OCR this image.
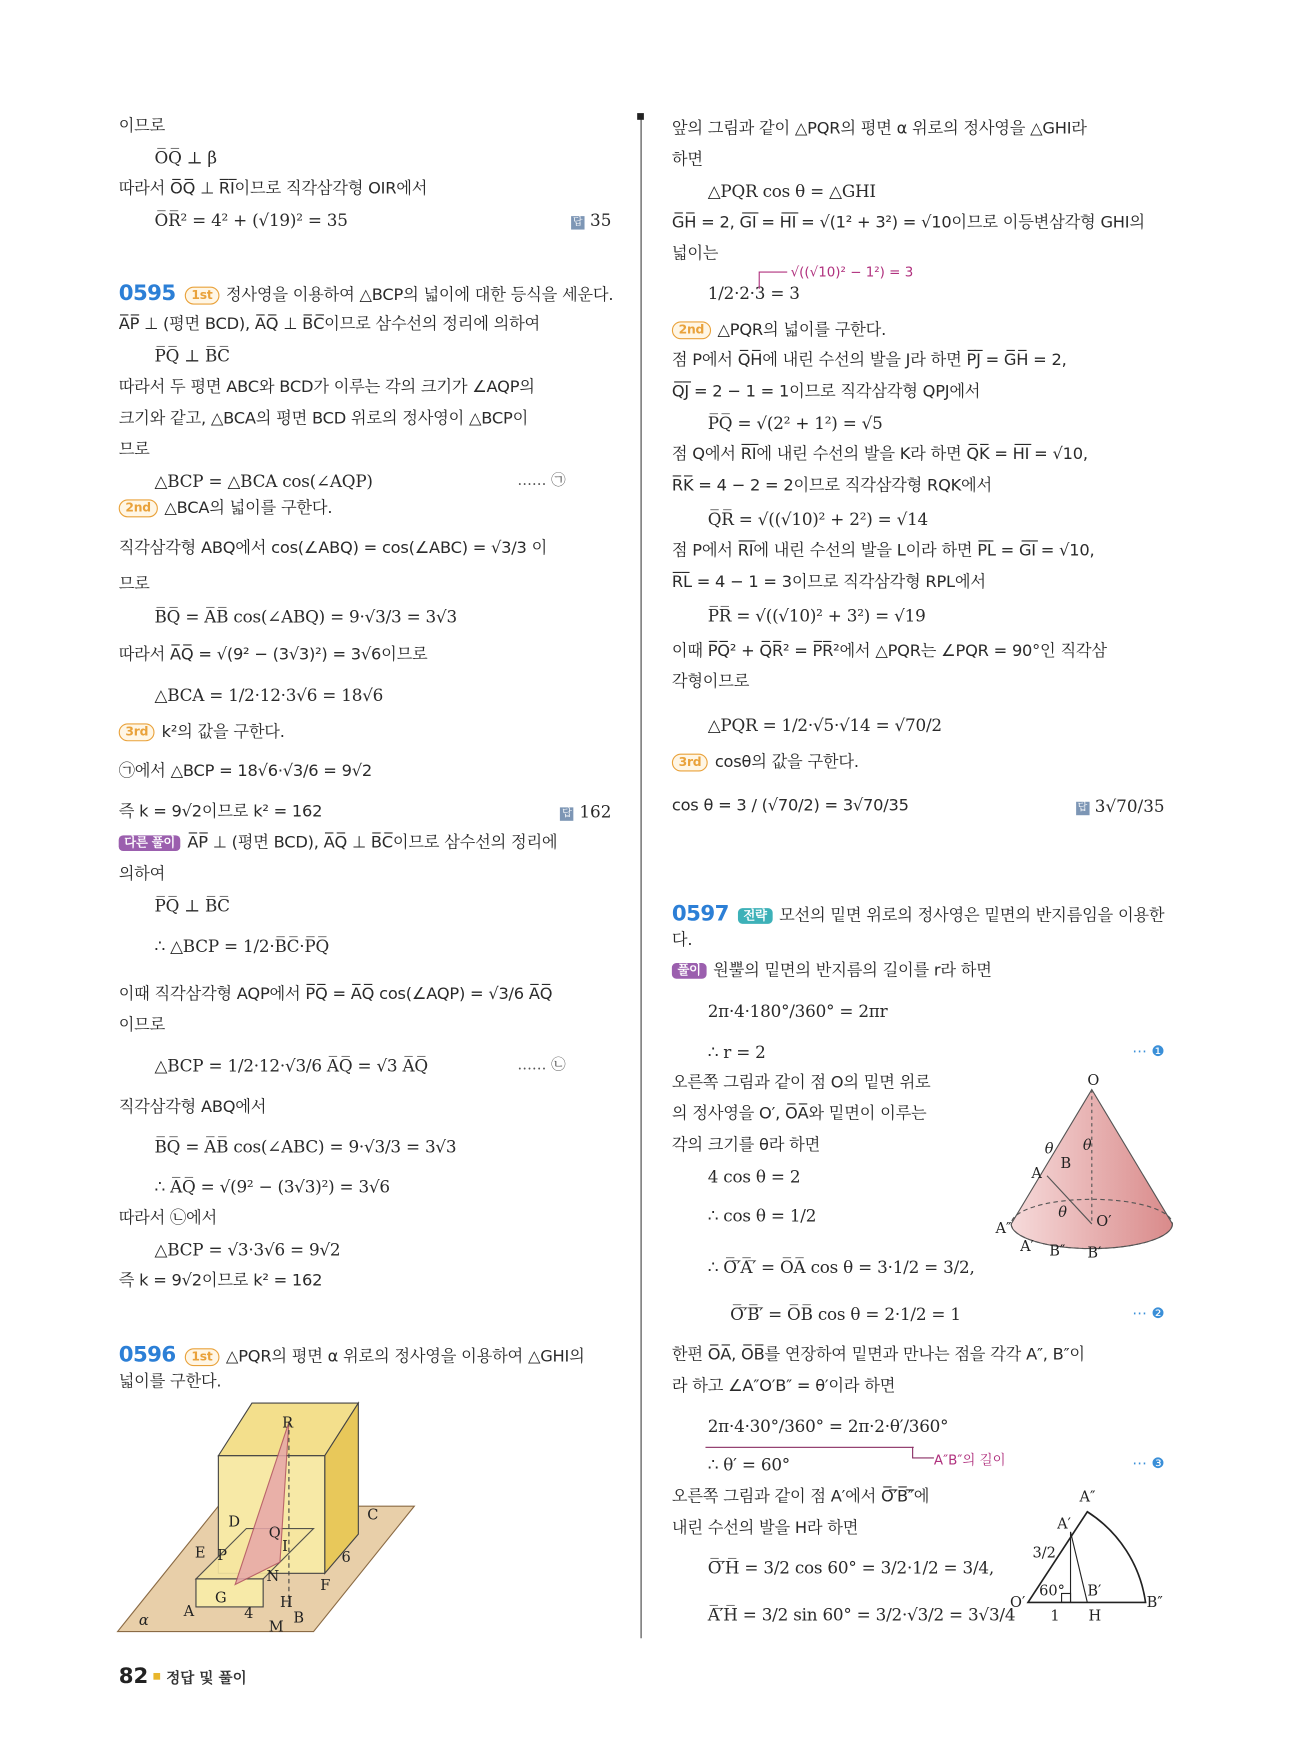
이므로
O̅Q̅ ⊥ β
따라서 O̅Q̅ ⊥ R̅I̅이므로 직각삼각형 OIR에서
O̅R̅² = 4² + (√19)² = 35	답 35
0595 1st 정사영을 이용하여 △BCP의 넓이에 대한 등식을 세운다.
A̅P̅ ⊥ (평면 BCD), A̅Q̅ ⊥ B̅C̅이므로 삼수선의 정리에 의하여
P̅Q̅ ⊥ B̅C̅
따라서 두 평면 ABC와 BCD가 이루는 각의 크기가 ∠AQP의
크기와 같고, △BCA의 평면 BCD 위로의 정사영이 △BCP이
므로
△BCP = △BCA cos(∠AQP)	…… ㉠
2nd △BCA의 넓이를 구한다.
직각삼각형 ABQ에서 cos(∠ABQ) = cos(∠ABC) = √3/3 이
므로
B̅Q̅ = A̅B̅ cos(∠ABQ) = 9·√3/3 = 3√3
따라서 A̅Q̅ = √(9² − (3√3)²) = 3√6이므로
△BCA = 1/2·12·3√6 = 18√6
3rd k²의 값을 구한다.
㉠에서 △BCP = 18√6·√3/6 = 9√2
즉 k = 9√2이므로 k² = 162	답 162
다른 풀이 A̅P̅ ⊥ (평면 BCD), A̅Q̅ ⊥ B̅C̅이므로 삼수선의 정리에
의하여
P̅Q̅ ⊥ B̅C̅
∴ △BCP = 1/2·B̅C̅·P̅Q̅
이때 직각삼각형 AQP에서 P̅Q̅ = A̅Q̅ cos(∠AQP) = √3/6 A̅Q̅
이므로
△BCP = 1/2·12·√3/6 A̅Q̅ = √3 A̅Q̅	…… ㉡
직각삼각형 ABQ에서
B̅Q̅ = A̅B̅ cos(∠ABC) = 9·√3/3 = 3√3
∴ A̅Q̅ = √(9² − (3√3)²) = 3√6
따라서 ㉡에서
△BCP = √3·3√6 = 9√2
즉 k = 9√2이므로 k² = 162
0596 1st △PQR의 평면 α 위로의 정사영을 이용하여 △GHI의
넓이를 구한다.
앞의 그림과 같이 △PQR의 평면 α 위로의 정사영을 △GHI라
하면
△PQR cos θ = △GHI
G̅H̅ = 2, G̅I̅ = H̅I̅ = √(1² + 3²) = √10이므로 이등변삼각형 GHI의
넓이는
1/2·2·3 = 3
2nd △PQR의 넓이를 구한다.
점 P에서 Q̅H̅에 내린 수선의 발을 J라 하면 P̅J̅ = G̅H̅ = 2,
Q̅J̅ = 2 − 1 = 1이므로 직각삼각형 QPJ에서
P̅Q̅ = √(2² + 1²) = √5
점 Q에서 R̅I̅에 내린 수선의 발을 K라 하면 Q̅K̅ = H̅I̅ = √10,
R̅K̅ = 4 − 2 = 2이므로 직각삼각형 RQK에서
Q̅R̅ = √((√10)² + 2²) = √14
점 P에서 R̅I̅에 내린 수선의 발을 L이라 하면 P̅L̅ = G̅I̅ = √10,
R̅L̅ = 4 − 1 = 3이므로 직각삼각형 RPL에서
P̅R̅ = √((√10)² + 3²) = √19
이때 P̅Q̅² + Q̅R̅² = P̅R̅²에서 △PQR는 ∠PQR = 90°인 직각삼
각형이므로
△PQR = 1/2·√5·√14 = √70/2
3rd cosθ의 값을 구한다.
cos θ = 3 / (√70/2) = 3√70/35	답 3√70/35
0597 전략 모선의 밑면 위로의 정사영은 밑면의 반지름임을 이용한
다.
풀이 원뿔의 밑면의 반지름의 길이를 r라 하면
2π·4·180°/360° = 2πr
∴ r = 2	⋯ ❶
오른쪽 그림과 같이 점 O의 밑면 위로
의 정사영을 O′, O̅A̅와 밑면이 이루는
각의 크기를 θ라 하면
4 cos θ = 2
∴ cos θ = 1/2
∴ O̅′̅A̅′̅ = O̅A̅ cos θ = 3·1/2 = 3/2,
O̅′̅B̅′̅ = O̅B̅ cos θ = 2·1/2 = 1	⋯ ❷
한편 O̅A̅, O̅B̅를 연장하여 밑면과 만나는 점을 각각 A″, B″이
라 하고 ∠A″O′B″ = θ′이라 하면
2π·4·30°/360° = 2π·2·θ′/360°
∴ θ′ = 60°	⋯ ❸
오른쪽 그림과 같이 점 A′에서 O̅′̅B̅″̅에
내린 수선의 발을 H라 하면
O̅′̅H̅ = 3/2 cos 60° = 3/2·1/2 = 3/4,
A̅′̅H̅ = 3/2 sin 60° = 3/2·√3/2 = 3√3/4
√((√10)² − 1²) = 3
A″B″의 길이
R
D	C
Q
I
E P
N
F
G
A
H
B
M
α	4
6
O
θ θ
B
A
θ
O′
A″
A′ B″ B′
A″
A′
3/2
60°
O′
B′
B″
1 H
82 정답 및 풀이
